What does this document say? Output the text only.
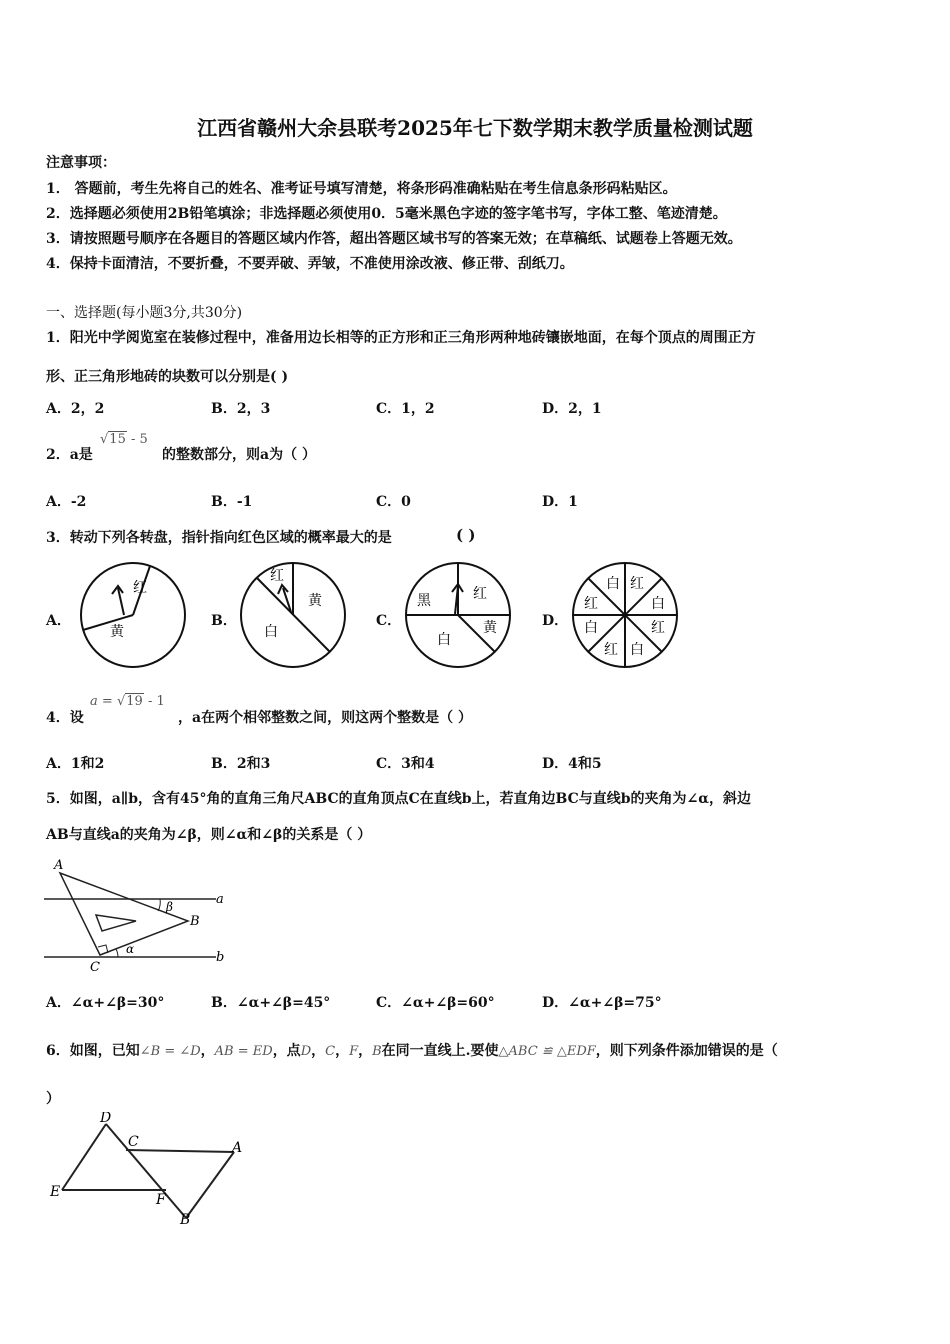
江西省赣州大余县联考2025年七下数学期末教学质量检测试题
注意事项：
1． 答题前，考生先将自己的姓名、准考证号填写清楚，将条形码准确粘贴在考生信息条形码粘贴区。
2．选择题必须使用2B铅笔填涂；非选择题必须使用0．5毫米黑色字迹的签字笔书写，字体工整、笔迹清楚。
3．请按照题号顺序在各题目的答题区域内作答，超出答题区域书写的答案无效；在草稿纸、试题卷上答题无效。
4．保持卡面清洁，不要折叠，不要弄破、弄皱，不准使用涂改液、修正带、刮纸刀。
一、选择题(每小题3分,共30分)
1．阳光中学阅览室在装修过程中，准备用边长相等的正方形和正三角形两种地砖镶嵌地面，在每个顶点的周围正方
形、正三角形地砖的块数可以分别是( )
A．2，2	B．2，3	C．1，2	D．2，1
2．a是
√15 - 5
的整数部分，则a为（ ）
A．-2	B．-1	C．0	D．1
3．转动下列各转盘，指针指向红色区域的概率最大的是	( )
A．	B．	C．	D．
红
黄
红
黄
白
黑	红
黄
白
白 红
白
红
白
红
白
红
4．设
a = √19 - 1
，a在两个相邻整数之间，则这两个整数是（ ）
A．1和2	B．2和3	C．3和4	D．4和5
5．如图，a∥b，含有45°角的直角三角尺ABC的直角顶点C在直线b上，若直角边BC与直线b的夹角为∠α，斜边
AB与直线a的夹角为∠β，则∠α和∠β的关系是（ ）
A
B
C
a
b
α
β
A．∠α+∠β=30°	B．∠α+∠β=45°	C．∠α+∠β=60°	D．∠α+∠β=75°
6．如图，已知∠B = ∠D，AB = ED，点D，C，F，B在同一直线上.要使△ABC ≌ △EDF，则下列条件添加错误的是（
）
D
C	A
E	F
B
